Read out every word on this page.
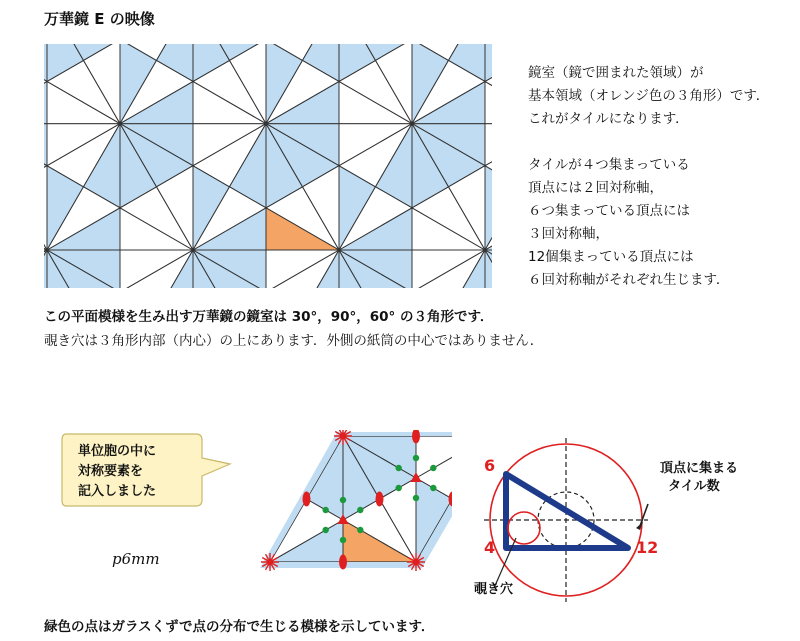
万華鏡 E の映像
鏡室（鏡で囲まれた領域）が
基本領域（オレンジ色の３角形）です．
これがタイルになります．

タイルが４つ集まっている
頂点には２回対称軸，
６つ集まっている頂点には
３回対称軸，
12個集まっている頂点には
６回対称軸がそれぞれ生じます．
この平面模様を生み出す万華鏡の鏡室は 30°，90°，60° の３角形です．
覗き穴は３角形内部（内心）の上にあります．外側の紙筒の中心ではありません．
単位胞の中に
対称要素を
記入しました
p6mm
6
4	12
頂点に集まる
タイル数
覗き穴
緑色の点はガラスくずで点の分布で生じる模様を示しています．
